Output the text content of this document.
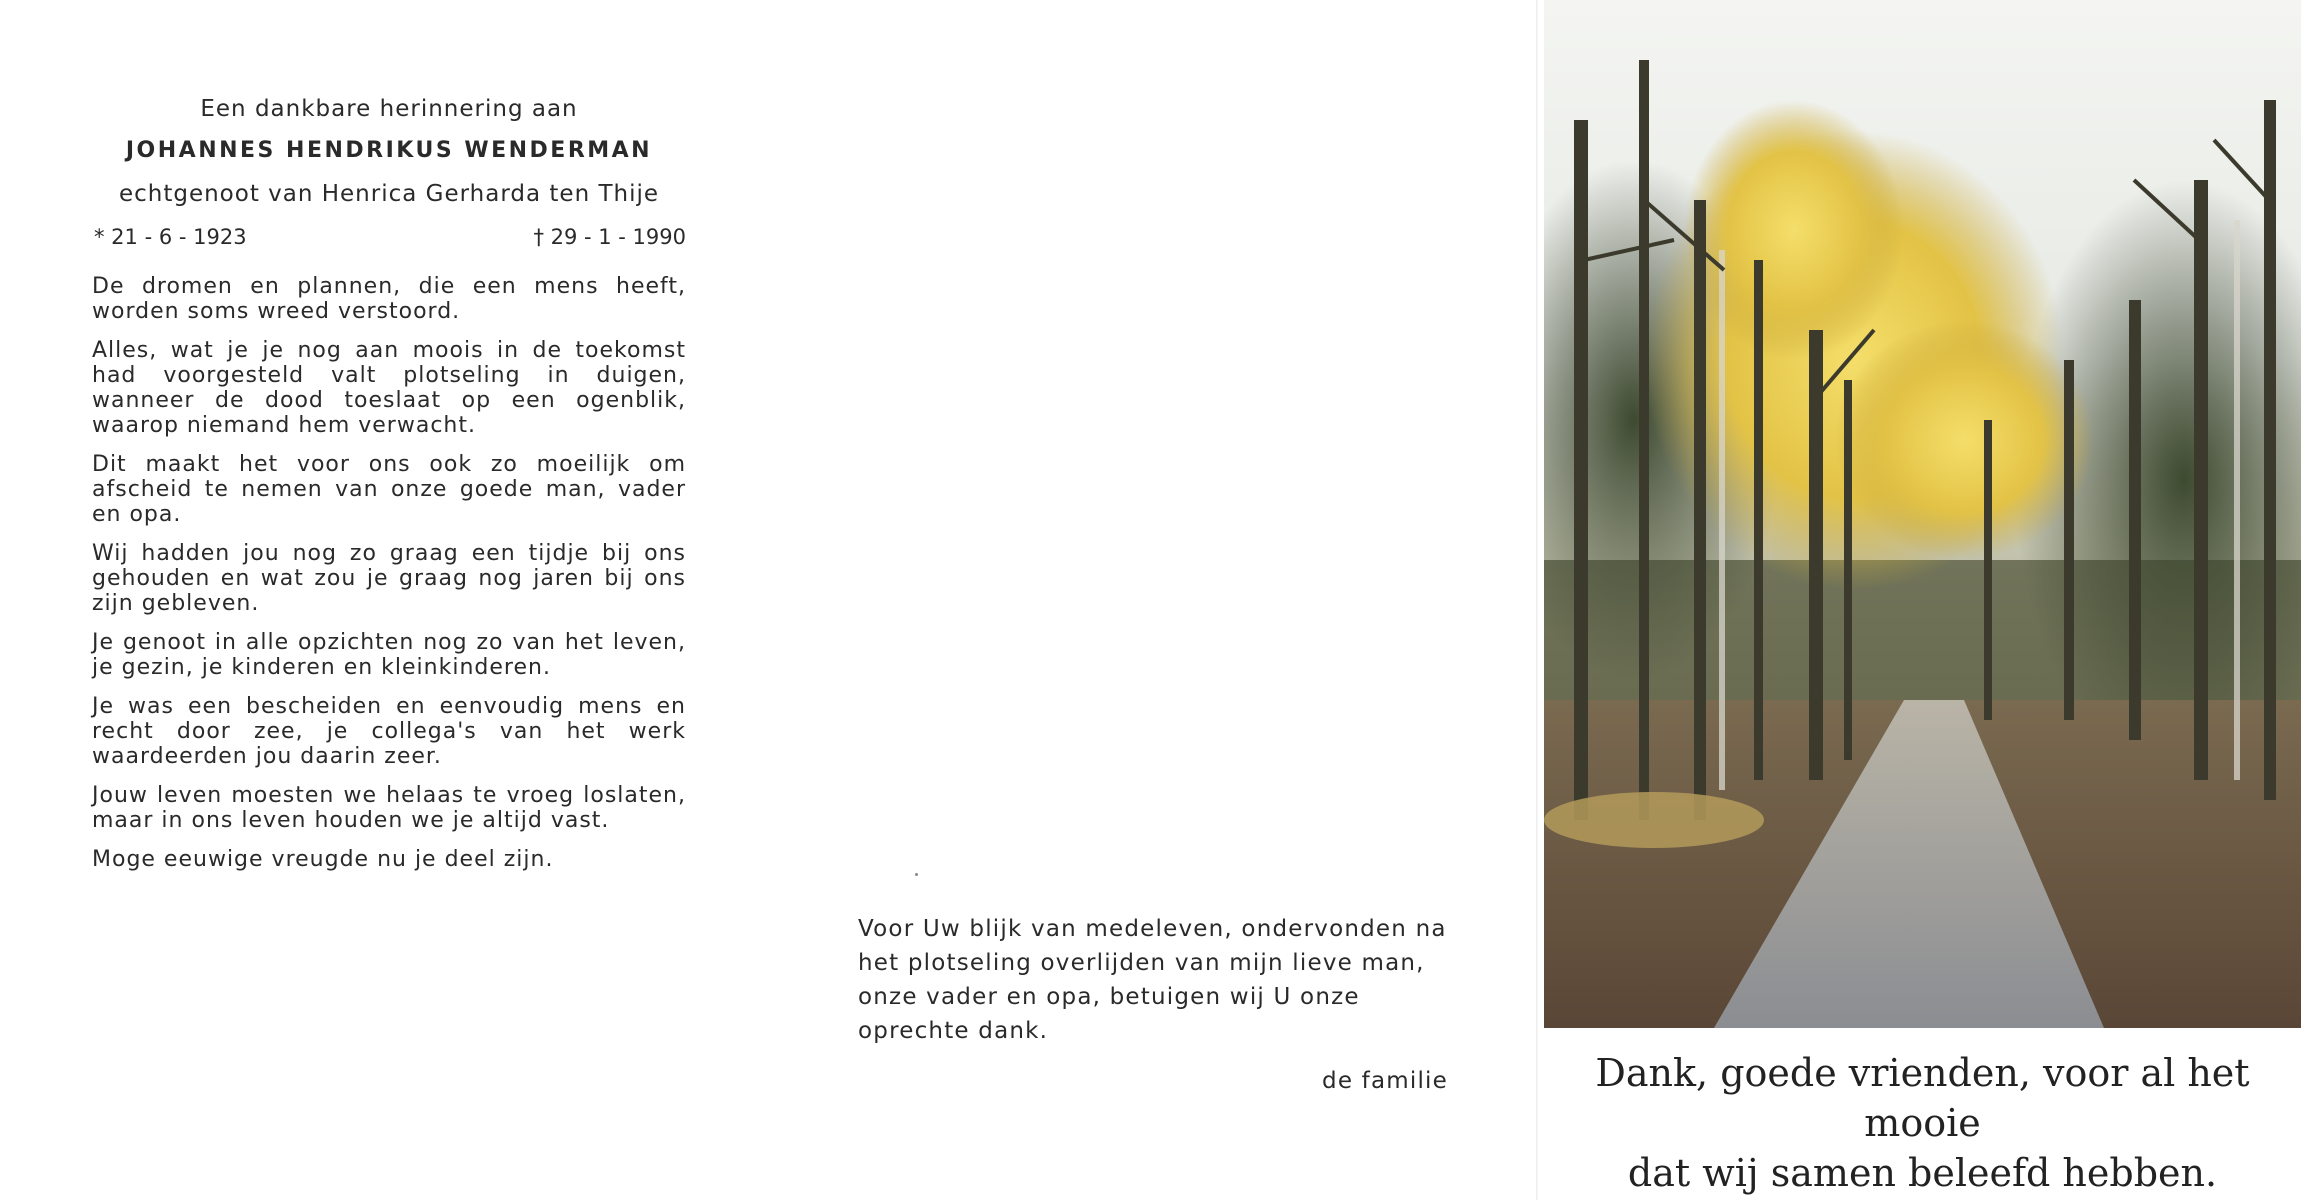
Een dankbare herinnering aan

JOHANNES HENDRIKUS WENDERMAN

echtgenoot van Henrica Gerharda ten Thije

* 21 - 6 - 1923	† 29 - 1 - 1990

De dromen en plannen, die een mens heeft, worden soms wreed verstoord.

Alles, wat je je nog aan moois in de toekomst had voorgesteld valt plotseling in duigen, wanneer de dood toeslaat op een ogenblik, waarop niemand hem verwacht.

Dit maakt het voor ons ook zo moeilijk om afscheid te nemen van onze goede man, vader en opa.

Wij hadden jou nog zo graag een tijdje bij ons gehouden en wat zou je graag nog jaren bij ons zijn gebleven.

Je genoot in alle opzichten nog zo van het leven, je gezin, je kinderen en kleinkinderen.

Je was een bescheiden en eenvoudig mens en recht door zee, je collega's van het werk waardeerden jou daarin zeer.

Jouw leven moesten we helaas te vroeg loslaten, maar in ons leven houden we je altijd vast.

Moge eeuwige vreugde nu je deel zijn.

Voor Uw blijk van medeleven, ondervonden na het plotseling overlijden van mijn lieve man, onze vader en opa, betuigen wij U onze oprechte dank.

de familie	Dank, goede vrienden, voor al het mooie
dat wij samen beleefd hebben.
